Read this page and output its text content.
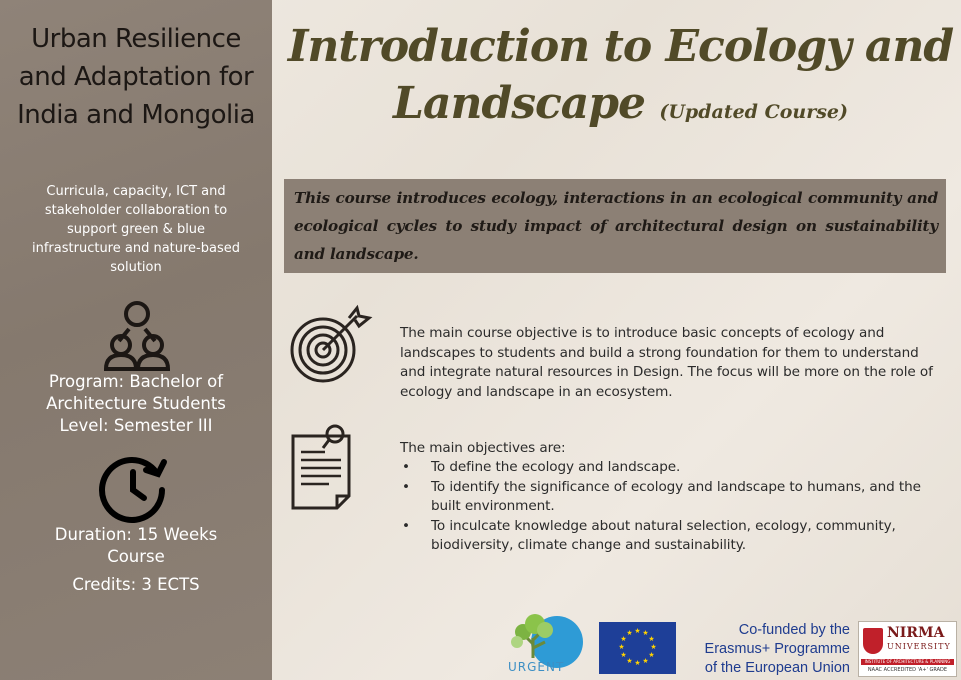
Urban Resilience and Adaptation for India and Mongolia
Curricula, capacity, ICT and stakeholder collaboration to support green & blue infrastructure and nature-based solution
Program: Bachelor of
Architecture Students
Level: Semester III
Duration: 15 Weeks
Course
Credits: 3 ECTS
Introduction to Ecology and
Landscape (Updated Course)

This course introduces ecology, interactions in an ecological community and ecological cycles to study impact of architectural design on sustainability and landscape.

The main course objective is to introduce basic concepts of ecology and landscapes to students and build a strong foundation for them to understand and integrate natural resources in Design. The focus will be more on the role of ecology and landscape in an ecosystem.

The main objectives are:
• To define the ecology and landscape.
• To identify the significance of ecology and landscape to humans, and the built environment.
• To inculcate knowledge about natural selection, ecology, community, biodiversity, climate change and sustainability.
URGENT
★ ★
★
★
★
★
★
★
★
★
★
★	Co-funded by the
Erasmus+ Programme
of the European Union
NIRMA
UNIVERSITY
INSTITUTE OF ARCHITECTURE & PLANNING
NAAC ACCREDITED 'A+' GRADE
